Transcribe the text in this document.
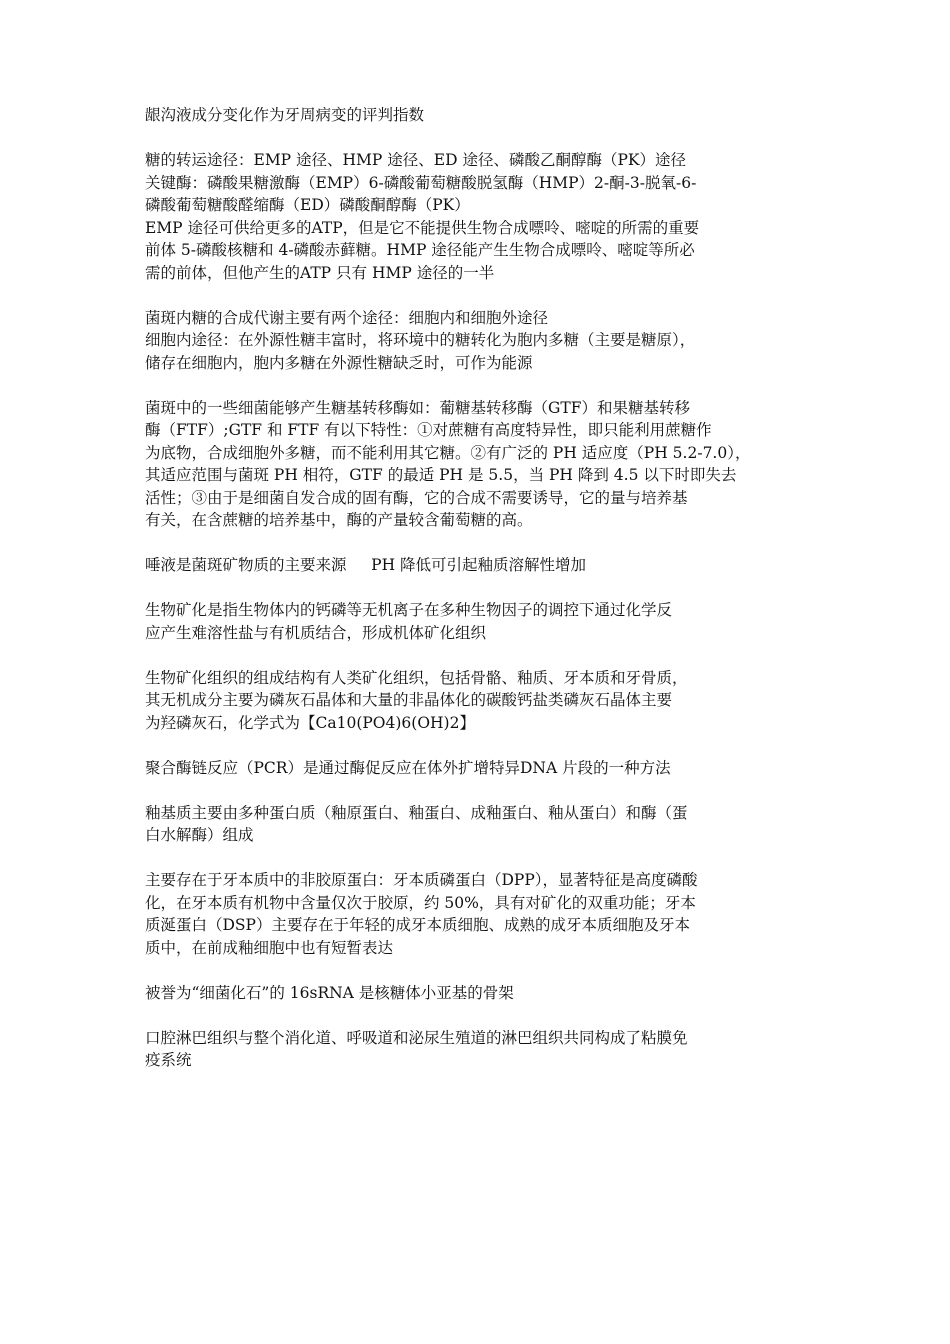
龈沟液成分变化作为牙周病变的评判指数
糖的转运途径：EMP 途径、HMP 途径、ED 途径、磷酸乙酮醇酶（PK）途径
关键酶：磷酸果糖激酶（EMP）6-磷酸葡萄糖酸脱氢酶（HMP）2-酮-3-脱氧-6-
磷酸葡萄糖酸醛缩酶（ED）磷酸酮醇酶（PK）
EMP 途径可供给更多的ATP，但是它不能提供生物合成嘌呤、嘧啶的所需的重要
前体 5-磷酸核糖和 4-磷酸赤藓糖。HMP 途径能产生生物合成嘌呤、嘧啶等所必
需的前体，但他产生的ATP 只有 HMP 途径的一半
菌斑内糖的合成代谢主要有两个途径：细胞内和细胞外途径
细胞内途径：在外源性糖丰富时，将环境中的糖转化为胞内多糖（主要是糖原），
储存在细胞内，胞内多糖在外源性糖缺乏时，可作为能源
菌斑中的一些细菌能够产生糖基转移酶如：葡糖基转移酶（GTF）和果糖基转移
酶（FTF）;GTF 和 FTF 有以下特性：①对蔗糖有高度特异性，即只能利用蔗糖作
为底物，合成细胞外多糖，而不能利用其它糖。②有广泛的 PH 适应度（PH 5.2-7.0），
其适应范围与菌斑 PH 相符，GTF 的最适 PH 是 5.5，当 PH 降到 4.5 以下时即失去
活性；③由于是细菌自发合成的固有酶，它的合成不需要诱导，它的量与培养基
有关，在含蔗糖的培养基中，酶的产量较含葡萄糖的高。
唾液是菌斑矿物质的主要来源     PH 降低可引起釉质溶解性增加
生物矿化是指生物体内的钙磷等无机离子在多种生物因子的调控下通过化学反
应产生难溶性盐与有机质结合，形成机体矿化组织
生物矿化组织的组成结构有人类矿化组织，包括骨骼、釉质、牙本质和牙骨质，
其无机成分主要为磷灰石晶体和大量的非晶体化的碳酸钙盐类磷灰石晶体主要
为羟磷灰石，化学式为【Ca10(PO4)6(OH)2】
聚合酶链反应（PCR）是通过酶促反应在体外扩增特异DNA 片段的一种方法
釉基质主要由多种蛋白质（釉原蛋白、釉蛋白、成釉蛋白、釉从蛋白）和酶（蛋
白水解酶）组成
主要存在于牙本质中的非胶原蛋白：牙本质磷蛋白（DPP），显著特征是高度磷酸
化，在牙本质有机物中含量仅次于胶原，约 50%，具有对矿化的双重功能；牙本
质涎蛋白（DSP）主要存在于年轻的成牙本质细胞、成熟的成牙本质细胞及牙本
质中，在前成釉细胞中也有短暂表达
被誉为“细菌化石”的 16sRNA 是核糖体小亚基的骨架
口腔淋巴组织与整个消化道、呼吸道和泌尿生殖道的淋巴组织共同构成了粘膜免
疫系统
